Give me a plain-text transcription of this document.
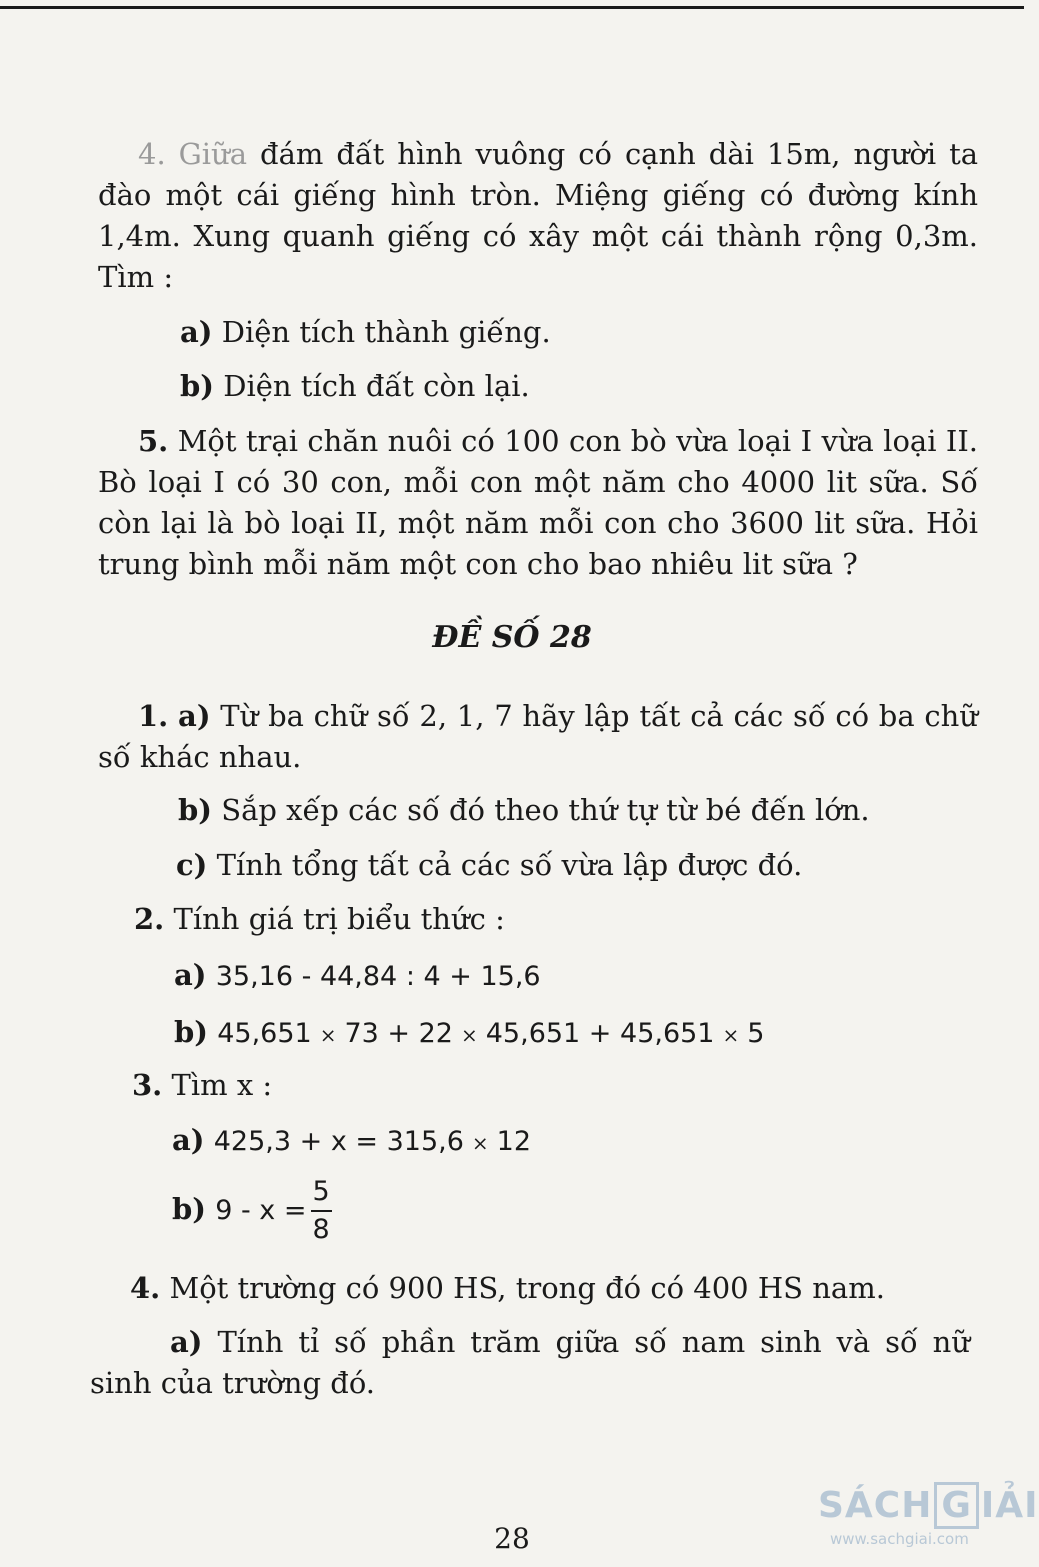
4. Giữa đám đất hình vuông có cạnh dài 15m, người ta đào một cái giếng hình tròn. Miệng giếng có đường kính 1,4m. Xung quanh giếng có xây một cái thành rộng 0,3m. Tìm :
a) Diện tích thành giếng.
b) Diện tích đất còn lại.
5. Một trại chăn nuôi có 100 con bò vừa loại I vừa loại II. Bò loại I có 30 con, mỗi con một năm cho 4000 lit sữa. Số còn lại là bò loại II, một năm mỗi con cho 3600 lit sữa. Hỏi trung bình mỗi năm một con cho bao nhiêu lit sữa ?
ĐỀ SỐ 28
1. a) Từ ba chữ số 2, 1, 7 hãy lập tất cả các số có ba chữ số khác nhau.
b) Sắp xếp các số đó theo thứ tự từ bé đến lớn.
c) Tính tổng tất cả các số vừa lập được đó.
2. Tính giá trị biểu thức :
a) 35,16 - 44,84 : 4 + 15,6
b) 45,651 × 73 + 22 × 45,651 + 45,651 × 5
3. Tìm x :
a) 425,3 + x = 315,6 × 12
b) $9 - x = \frac{5}{8}$
4. Một trường có 900 HS, trong đó có 400 HS nam.
a) Tính tỉ số phần trăm giữa số nam sinh và số nữ sinh của trường đó.
28
SÁCH G IẢI
www.sachgiai.com
